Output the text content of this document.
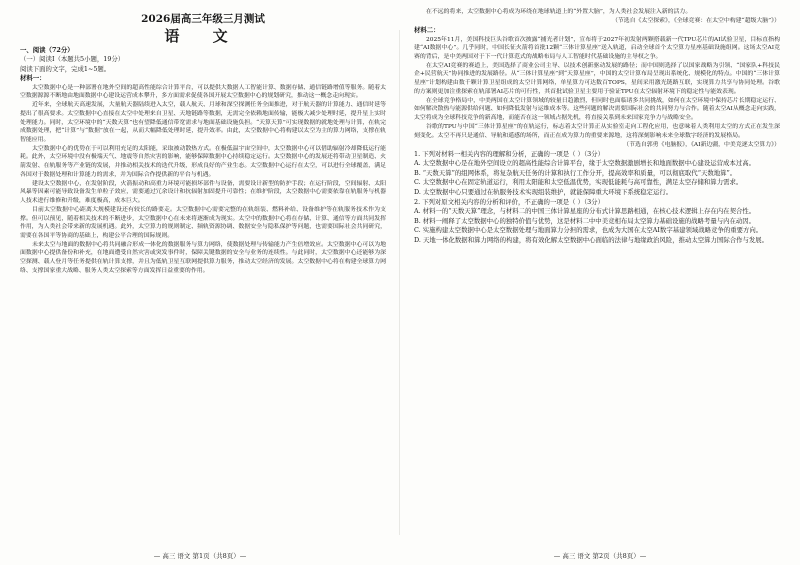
2026届高三年级三月测试
语 文

一、阅读（72分）

（一）阅读Ⅰ（本题共5小题，19分）

阅读下面的文字，完成1~5题。

材料一：

太空数据中心是一种部署在地外空间的超高性能综合计算平台，可以提供大数据人工智能计算、数据存储、通信链路增值等服务。随着太空数据源源不断地由地面数据中心建设运营成本攀升，多方面需求促使各国开展太空数据中心的规划研究，推动这一概念走向现实。

近年来，全球航天高速发展，大量航天器陆续进入太空，载人航天、月球和深空探测任务全面推进，对于航天器的计算能力、通信时延等提出了很高要求。太空数据中心直接在太空中处理来自卫星、天地链路等数据，无需完全依赖地面传输，能极大减少处理时延，提升星上实时处理能力。同时，太空环境中的“天数天算”也有望降低通信带宽需求与地面基础设施负担。“天算天算”可实现数据的就地处理与计算，在轨完成数据处理，把“计算”与“数据”放在一起，从而大幅降低处理时延，提升效率。由此，太空数据中心将构建以太空为主的算力网络，支撑在轨智能应用。

太空数据中心的优势在于可以利用充足的太阳能，采取被动散热方式。在极低温宇宙空间中，太空数据中心可以借助辐射冷却降低运行能耗。此外，太空环境中没有极端天气、地震等自然灾害的影响，能够保障数据中心持续稳定运行。太空数据中心的发展还将带动卫星制造、火箭发射、在轨服务等产业链的发展，并推动相关技术的迭代升级，形成良好的产业生态。太空数据中心运行在太空，可以进行全球覆盖，满足各国对于数据处理和计算能力的需求，并为国际合作提供新的平台与机遇。

建设太空数据中心，在发射阶段，火箭振动和高重力环境可能损坏部件与设备，需要设计新型的防护手段；在运行阶段，空间辐射、太阳风暴等因素可能导致设备发生单粒子效应，需要通过冗余设计和抗辐射加固提升可靠性；在维护阶段，太空数据中心需要依靠在轨服务与机器人技术进行维修和升级，难度极高，成本巨大。

目前太空数据中心距离大规模建设还有较长的路要走。太空数据中心需要完整的在轨组装、燃料补给、设备维护等在轨服务技术作为支撑。但可以预见，随着相关技术的不断进步，太空数据中心在未来将逐渐成为现实。太空中的数据中心将在存储、计算、通信等方面共同发挥作用，为人类社会带来新的发展机遇。此外，太空算力的规则制定、频轨资源协调、数据安全与隐私保护等问题，也需要国际社会共同研究，需要在各国平等协商的基础上，构建公平合理的国际规则。

未来太空与地面的数据中心将共同融合形成一体化的数据服务与算力网络，使数据处理与传输能力产生倍增效应。太空数据中心可以为地面数据中心提供备份和补充，在地面遭受自然灾害或突发事件时，保障关键数据的安全与业务的连续性。与此同时，太空数据中心还能够为深空探测、载人登月等任务提供在轨计算支撑，并且为低轨卫星互联网提供算力服务，推动太空经济的发展。太空数据中心将在构建全球算力网络、支撑国家重大战略、服务人类太空探索等方面发挥日益重要的作用。

— 高三 语文 第1页（共8页）—

在不远的将来，太空数据中心将成为环绕在地球轨道上的“外置大脑”，为人类社会发展注入新的活力。

（节选自《太空探索》，《全球竞赛：在太空中构建“超级大脑”》）

材料二：

2025年11月，美国科技巨头谷歌首次披露“捕光者计划”，宣布将于2027年初发射两颗搭载新一代TPU芯片的AI试验卫星，目标直指构建“AI数据中心”。几乎同时，中国长征火箭将首批12颗“三体计算星座”送入轨道，启动全球首个太空算力星座基础设施组网。这场太空AI竞赛的背后，是中美两国对于下一代计算范式的战略布局与人工智能时代基础设施的主导权之争。

在太空AI竞赛的赛道上，美国选择了商业公司主导、以技术创新驱动发展的路径；而中国则选择了以国家战略为引领、“国家队+科技民企+民营航天”协同推进的发展路径。从“三体计算星座”到“天算星座”，中国的太空计算布局呈现出系统化、规模化的特点。中国的“三体计算星座”计划构建由数千颗计算卫星组成的太空计算网络，单星算力可达数百TOPS，星间采用激光链路互联，实现算力共享与协同处理。谷歌的方案则更加注重探索在轨部署AI芯片的可行性，其首批试验卫星主要用于验证TPU在太空辐射环境下的稳定性与能效表现。

在全球竞争格局中，中美两国在太空计算领域的较量日趋激烈，但同时也面临诸多共同挑战，如何在太空环境中保持芯片长期稳定运行、如何解决散热与能源供给问题、如何降低发射与运维成本等。这些问题的解决需要国际社会的共同努力与合作。随着太空AI从概念走向实践，太空将成为全球科技竞争的新高地，而能否在这一领域占据先机，将直接关系到未来国家竞争力与战略安全。

谷歌的TPU与中国“三体计算星座”的在轨运行，标志着太空计算正从实验室走向工程化应用，也意味着人类利用太空的方式正在发生深刻变化。太空不再只是通信、导航和遥感的场所，而正在成为算力的重要来源地，这将深刻影响未来全球数字经济的发展格局。

（节选自郭勇《电脑报》，《AI新边疆，中美竞逐太空算力》）

1. 下列对材料一相关内容的理解和分析，正确的一项是（ ）（3分）

A. 太空数据中心是在地外空间设立的超高性能综合计算平台，缘于太空数据激剧增长和地面数据中心建设运营成本过高。

B. “天数天算”的组网体系，将复杂航天任务的计算和执行工作分开，提高效率和质量，可以彻底取代“天数地算”。

C. 太空数据中心在固定轨道运行，利用太阳能和太空低温优势，实现低能耗与高可靠性，满足太空存储和算力需求。

D. 太空数据中心只要通过在轨服务技术实现组装维护，就能保障重大环境下系统稳定运行。

2. 下列对原文相关内容的分析和评价，不正确的一项是（ ）（3分）

A. 材料一的“天数天算”理念，与材料二的中国三体计算星座的分布式计算思路相通，在核心技术逻辑上存在内在契合性。

B. 材料一阐释了太空数据中心的独特价值与优势，这是材料二中中美竞相布局太空算力基础设施的战略考量与内在动因。

C. 实施构建太空数据中心是太空数据处理与地面算力分担的需求，也成为大国在太空AI数字基建领域战略竞争的重要方向。

D. 天地一体化数据和算力网络的构建，将有效化解太空数据中心面临的法律与地缘政治风险，推动太空算力国际合作与发展。

— 高三 语文 第2页（共8页）—
